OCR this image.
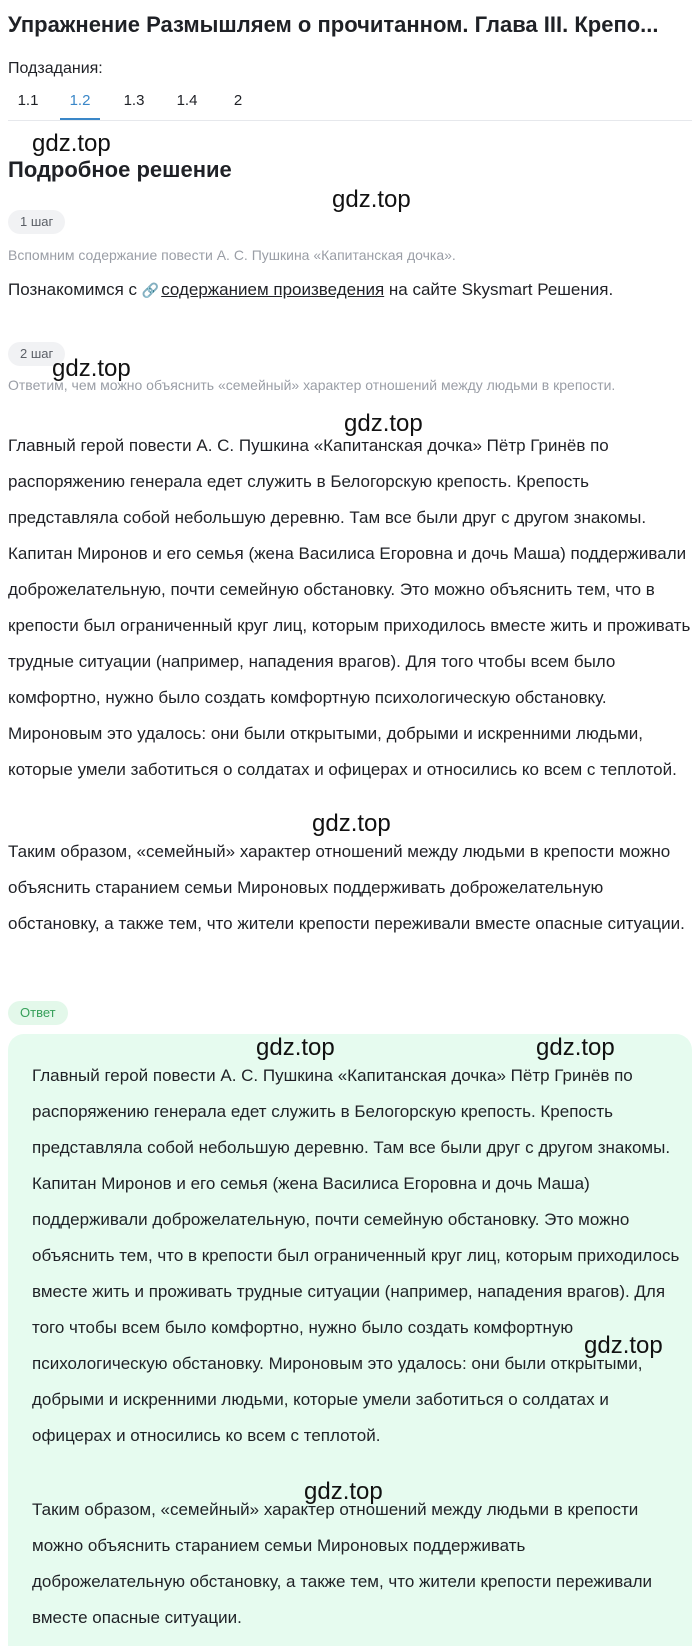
Упражнение Размышляем о прочитанном. Глава III. Крепо...
Подзадания:
1.1	1.2	1.3	1.4	2
Подробное решение
1 шаг
Вспомним содержание повести А. С. Пушкина «Капитанская дочка».
Познакомимся с 🔗 содержанием произведения на сайте Skysmart Решения.
2 шаг
Ответим, чем можно объяснить «семейный» характер отношений между людьми в крепости.
Главный герой повести А. С. Пушкина «Капитанская дочка» Пётр Гринёв по распоряжению генерала едет служить в Белогорскую крепость. Крепость представляла собой небольшую деревню. Там все были друг с другом знакомы. Капитан Миронов и его семья (жена Василиса Егоровна и дочь Маша) поддерживали доброжелательную, почти семейную обстановку. Это можно объяснить тем, что в крепости был ограниченный круг лиц, которым приходилось вместе жить и проживать трудные ситуации (например, нападения врагов). Для того чтобы всем было комфортно, нужно было создать комфортную психологическую обстановку. Мироновым это удалось: они были открытыми, добрыми и искренними людьми, которые умели заботиться о солдатах и офицерах и относились ко всем с теплотой.
Таким образом, «семейный» характер отношений между людьми в крепости можно объяснить старанием семьи Мироновых поддерживать доброжелательную обстановку, а также тем, что жители крепости переживали вместе опасные ситуации.
Ответ
Главный герой повести А. С. Пушкина «Капитанская дочка» Пётр Гринёв по распоряжению генерала едет служить в Белогорскую крепость. Крепость представляла собой небольшую деревню. Там все были друг с другом знакомы. Капитан Миронов и его семья (жена Василиса Егоровна и дочь Маша) поддерживали доброжелательную, почти семейную обстановку. Это можно объяснить тем, что в крепости был ограниченный круг лиц, которым приходилось вместе жить и проживать трудные ситуации (например, нападения врагов). Для того чтобы всем было комфортно, нужно было создать комфортную психологическую обстановку. Мироновым это удалось: они были открытыми, добрыми и искренними людьми, которые умели заботиться о солдатах и офицерах и относились ко всем с теплотой.
Таким образом, «семейный» характер отношений между людьми в крепости можно объяснить старанием семьи Мироновых поддерживать доброжелательную обстановку, а также тем, что жители крепости переживали вместе опасные ситуации.
gdz.top
gdz.top
gdz.top
gdz.top
gdz.top
gdz.top	gdz.top
gdz.top
gdz.top
